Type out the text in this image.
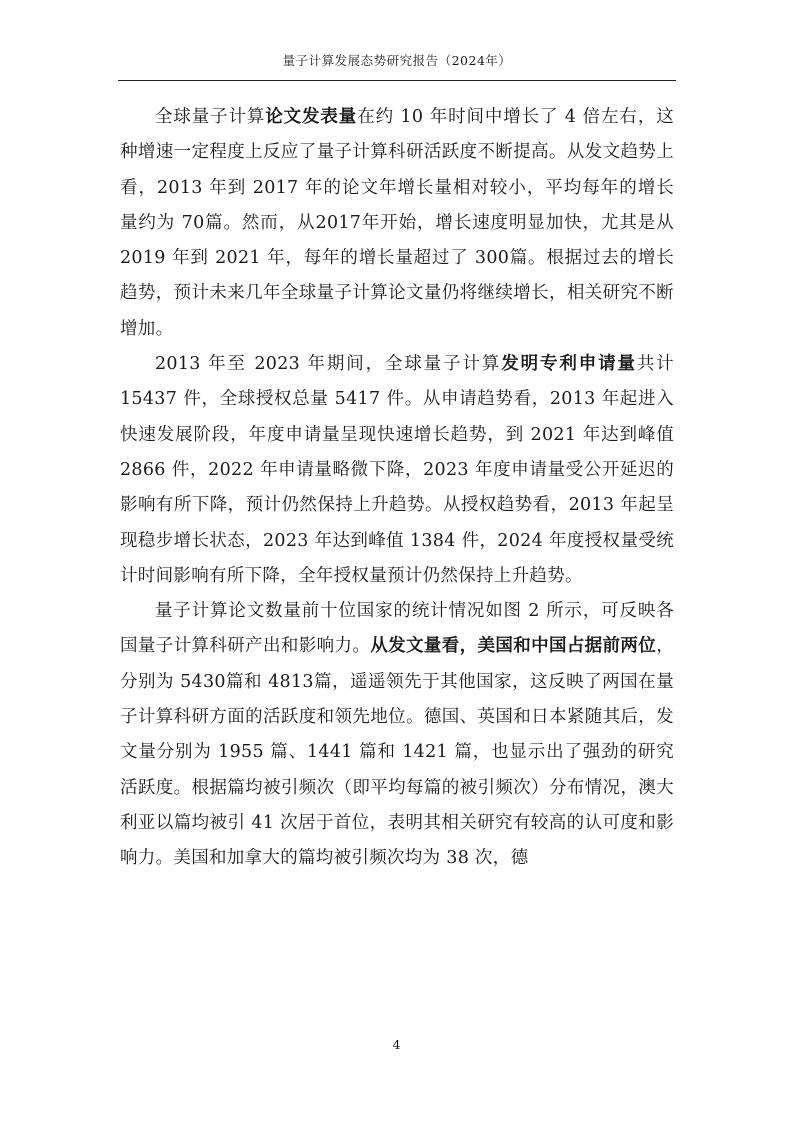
量子计算发展态势研究报告（2024年）

全球量子计算论文发表量在约 10 年时间中增长了 4 倍左右，这种增速一定程度上反应了量子计算科研活跃度不断提高。从发文趋势上看，2013 年到 2017 年的论文年增长量相对较小，平均每年的增长量约为 70篇。然而，从2017年开始，增长速度明显加快，尤其是从 2019 年到 2021 年，每年的增长量超过了 300篇。根据过去的增长趋势，预计未来几年全球量子计算论文量仍将继续增长，相关研究不断增加。

2013 年至 2023 年期间，全球量子计算发明专利申请量共计 15437 件，全球授权总量 5417 件。从申请趋势看，2013 年起进入快速发展阶段，年度申请量呈现快速增长趋势，到 2021 年达到峰值 2866 件，2022 年申请量略微下降，2023 年度申请量受公开延迟的影响有所下降，预计仍然保持上升趋势。从授权趋势看，2013 年起呈现稳步增长状态，2023 年达到峰值 1384 件，2024 年度授权量受统计时间影响有所下降，全年授权量预计仍然保持上升趋势。

量子计算论文数量前十位国家的统计情况如图 2 所示，可反映各国量子计算科研产出和影响力。从发文量看，美国和中国占据前两位，分别为 5430篇和 4813篇，遥遥领先于其他国家，这反映了两国在量子计算科研方面的活跃度和领先地位。德国、英国和日本紧随其后，发文量分别为 1955 篇、1441 篇和 1421 篇，也显示出了强劲的研究活跃度。根据篇均被引频次（即平均每篇的被引频次）分布情况，澳大利亚以篇均被引 41 次居于首位，表明其相关研究有较高的认可度和影响力。美国和加拿大的篇均被引频次均为 38 次，德

4
